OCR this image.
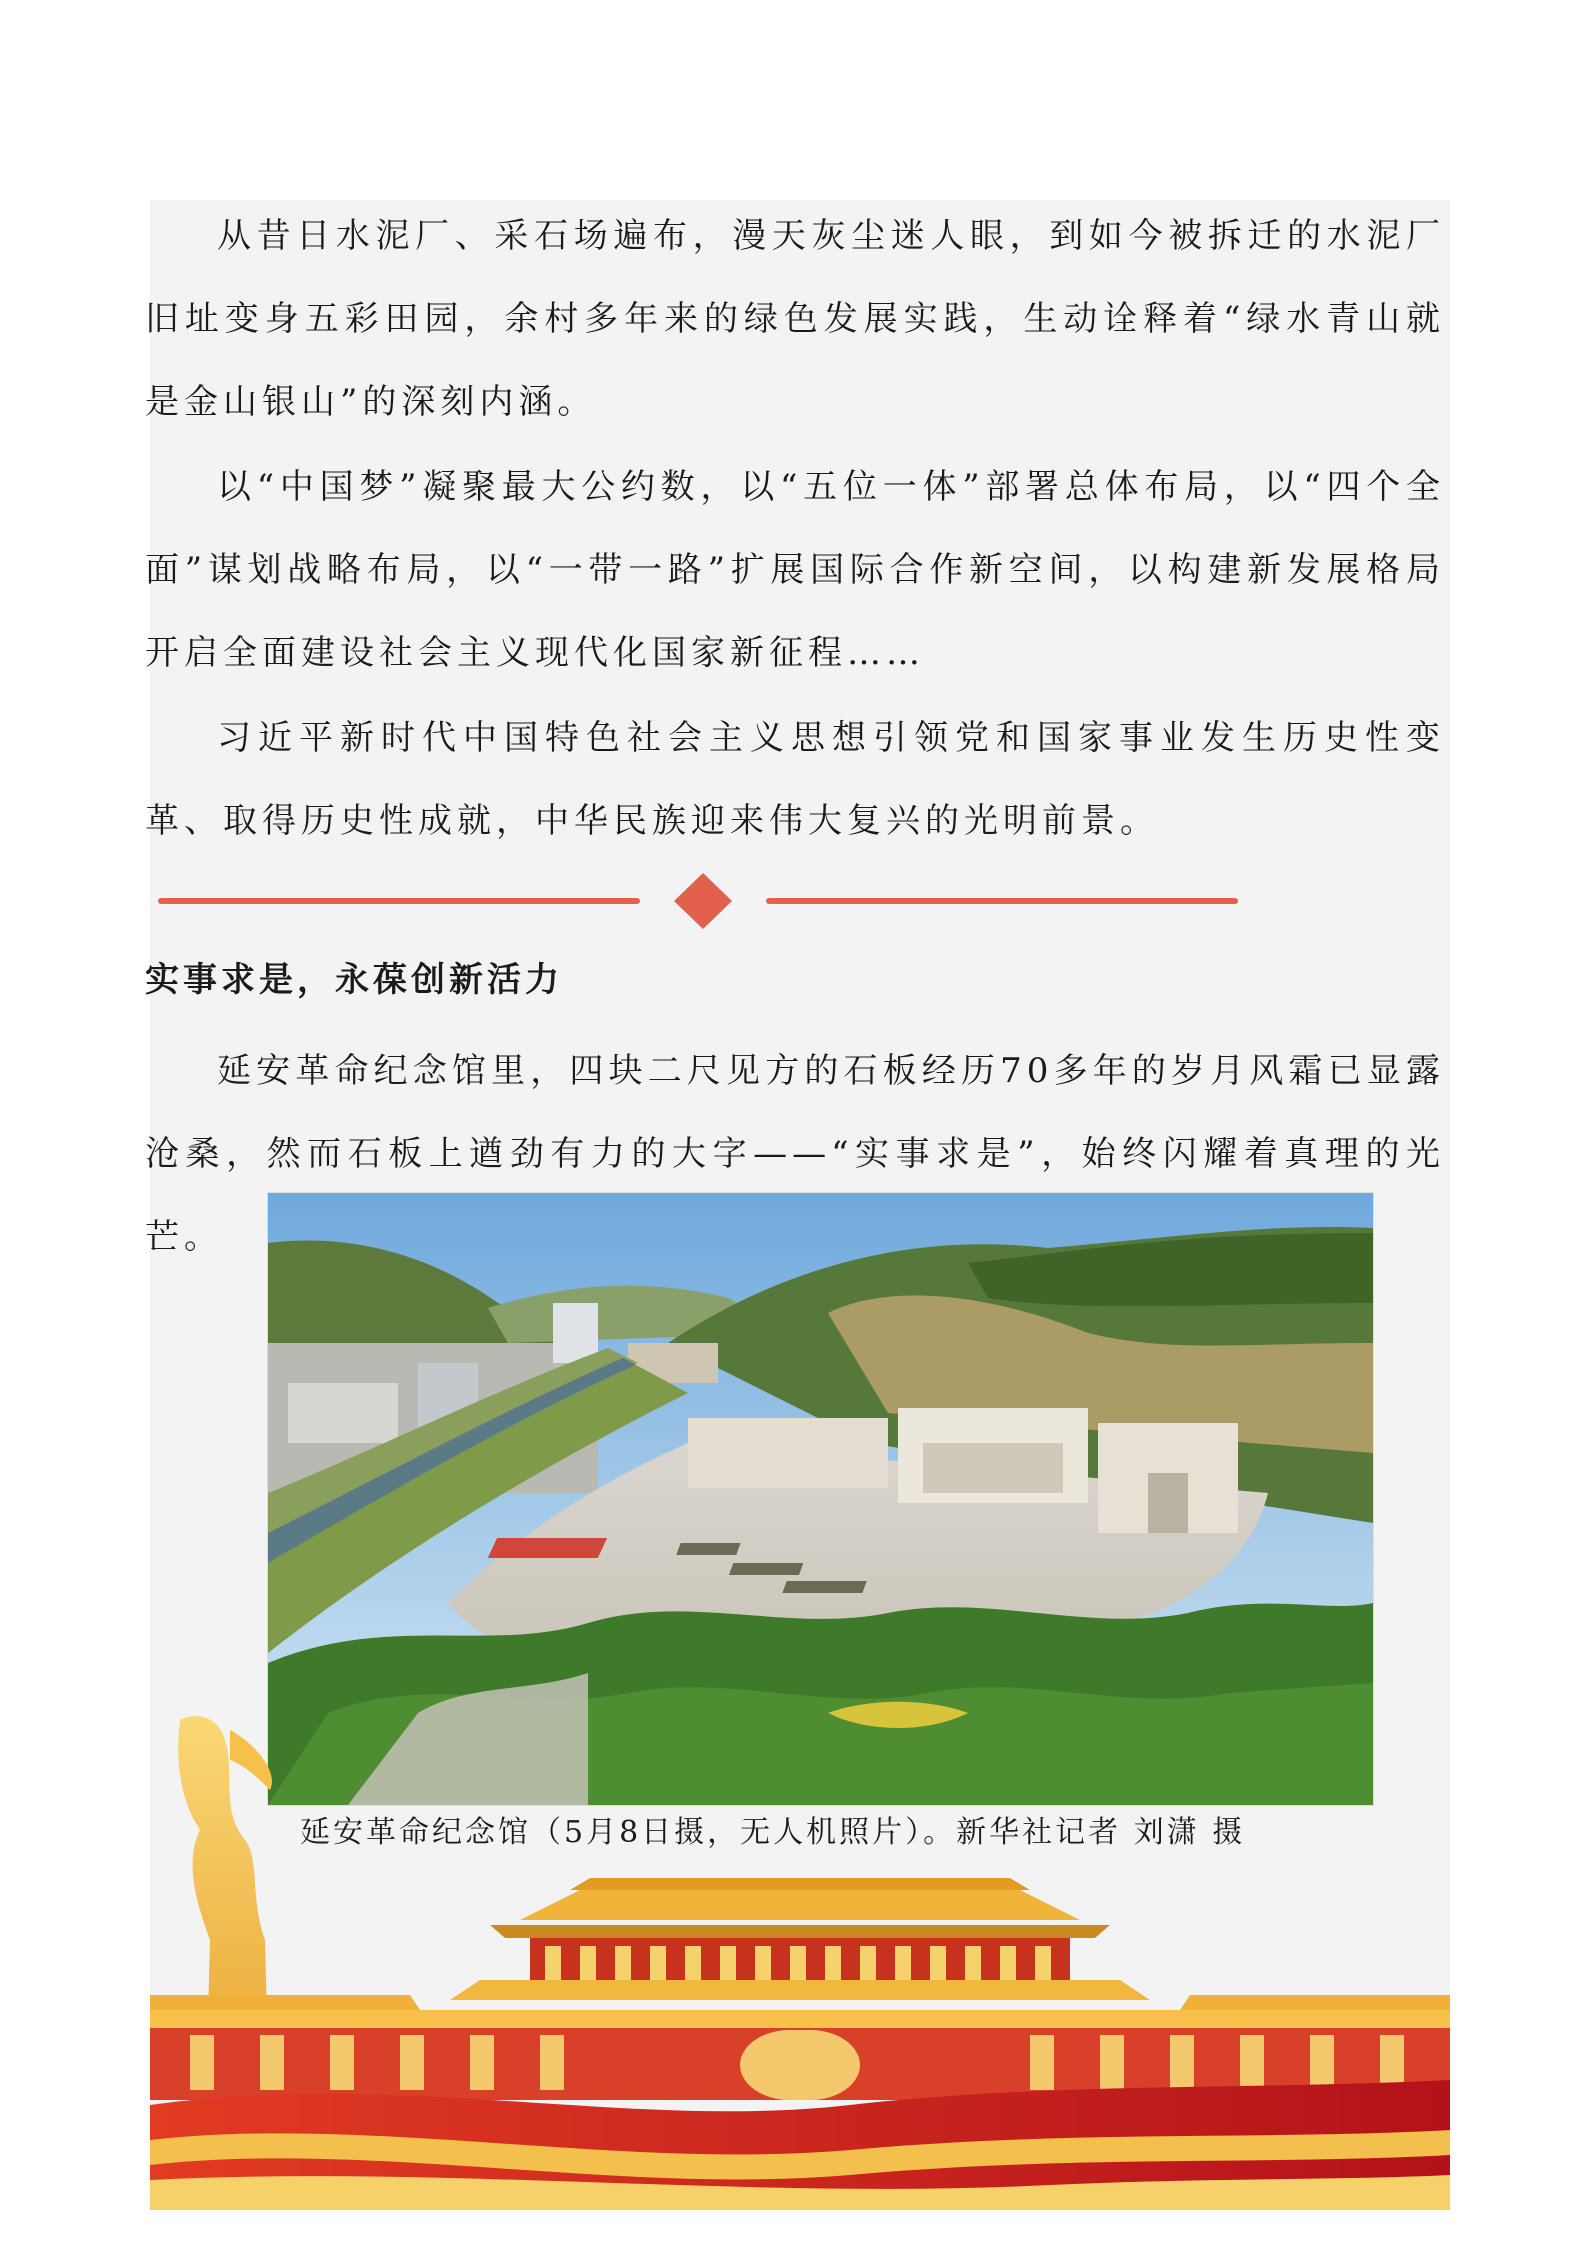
从昔日水泥厂、采石场遍布，漫天灰尘迷人眼，到如今被拆迁的水泥厂旧址变身五彩田园，余村多年来的绿色发展实践，生动诠释着“绿水青山就是金山银山”的深刻内涵。

以“中国梦”凝聚最大公约数，以“五位一体”部署总体布局，以“四个全面”谋划战略布局，以“一带一路”扩展国际合作新空间，以构建新发展格局开启全面建设社会主义现代化国家新征程……

习近平新时代中国特色社会主义思想引领党和国家事业发生历史性变革、取得历史性成就，中华民族迎来伟大复兴的光明前景。

实事求是，永葆创新活力

延安革命纪念馆里，四块二尺见方的石板经历70多年的岁月风霜已显露沧桑，然而石板上遒劲有力的大字——“实事求是”，始终闪耀着真理的光芒。

延安革命纪念馆（5月8日摄，无人机照片）。新华社记者 刘潇 摄
